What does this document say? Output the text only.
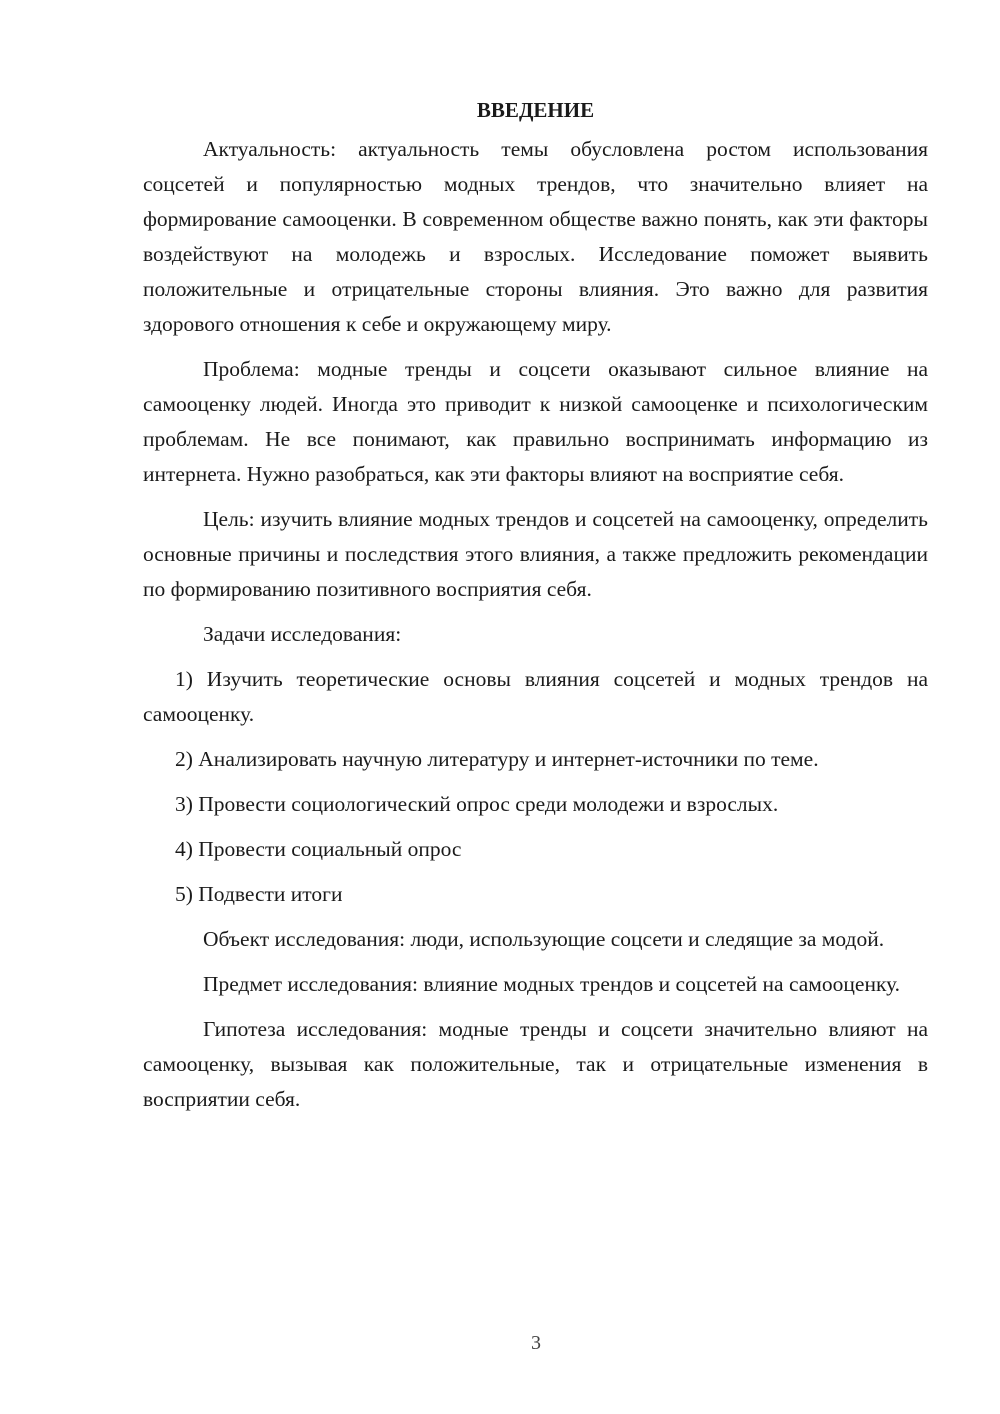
ВВЕДЕНИЕ

Актуальность: актуальность темы обусловлена ростом использования соцсетей и популярностью модных трендов, что значительно влияет на формирование самооценки. В современном обществе важно понять, как эти факторы воздействуют на молодежь и взрослых. Исследование поможет выявить положительные и отрицательные стороны влияния. Это важно для развития здорового отношения к себе и окружающему миру.

Проблема: модные тренды и соцсети оказывают сильное влияние на самооценку людей. Иногда это приводит к низкой самооценке и психологическим проблемам. Не все понимают, как правильно воспринимать информацию из интернета. Нужно разобраться, как эти факторы влияют на восприятие себя.

Цель: изучить влияние модных трендов и соцсетей на самооценку, определить основные причины и последствия этого влияния, а также предложить рекомендации по формированию позитивного восприятия себя.

Задачи исследования:

1) Изучить теоретические основы влияния соцсетей и модных трендов на самооценку.

2) Анализировать научную литературу и интернет-источники по теме.

3) Провести социологический опрос среди молодежи и взрослых.

4) Провести социальный опрос

5) Подвести итоги

Объект исследования: люди, использующие соцсети и следящие за модой.

Предмет исследования: влияние модных трендов и соцсетей на самооценку.

Гипотеза исследования: модные тренды и соцсети значительно влияют на самооценку, вызывая как положительные, так и отрицательные изменения в восприятии себя.

3
